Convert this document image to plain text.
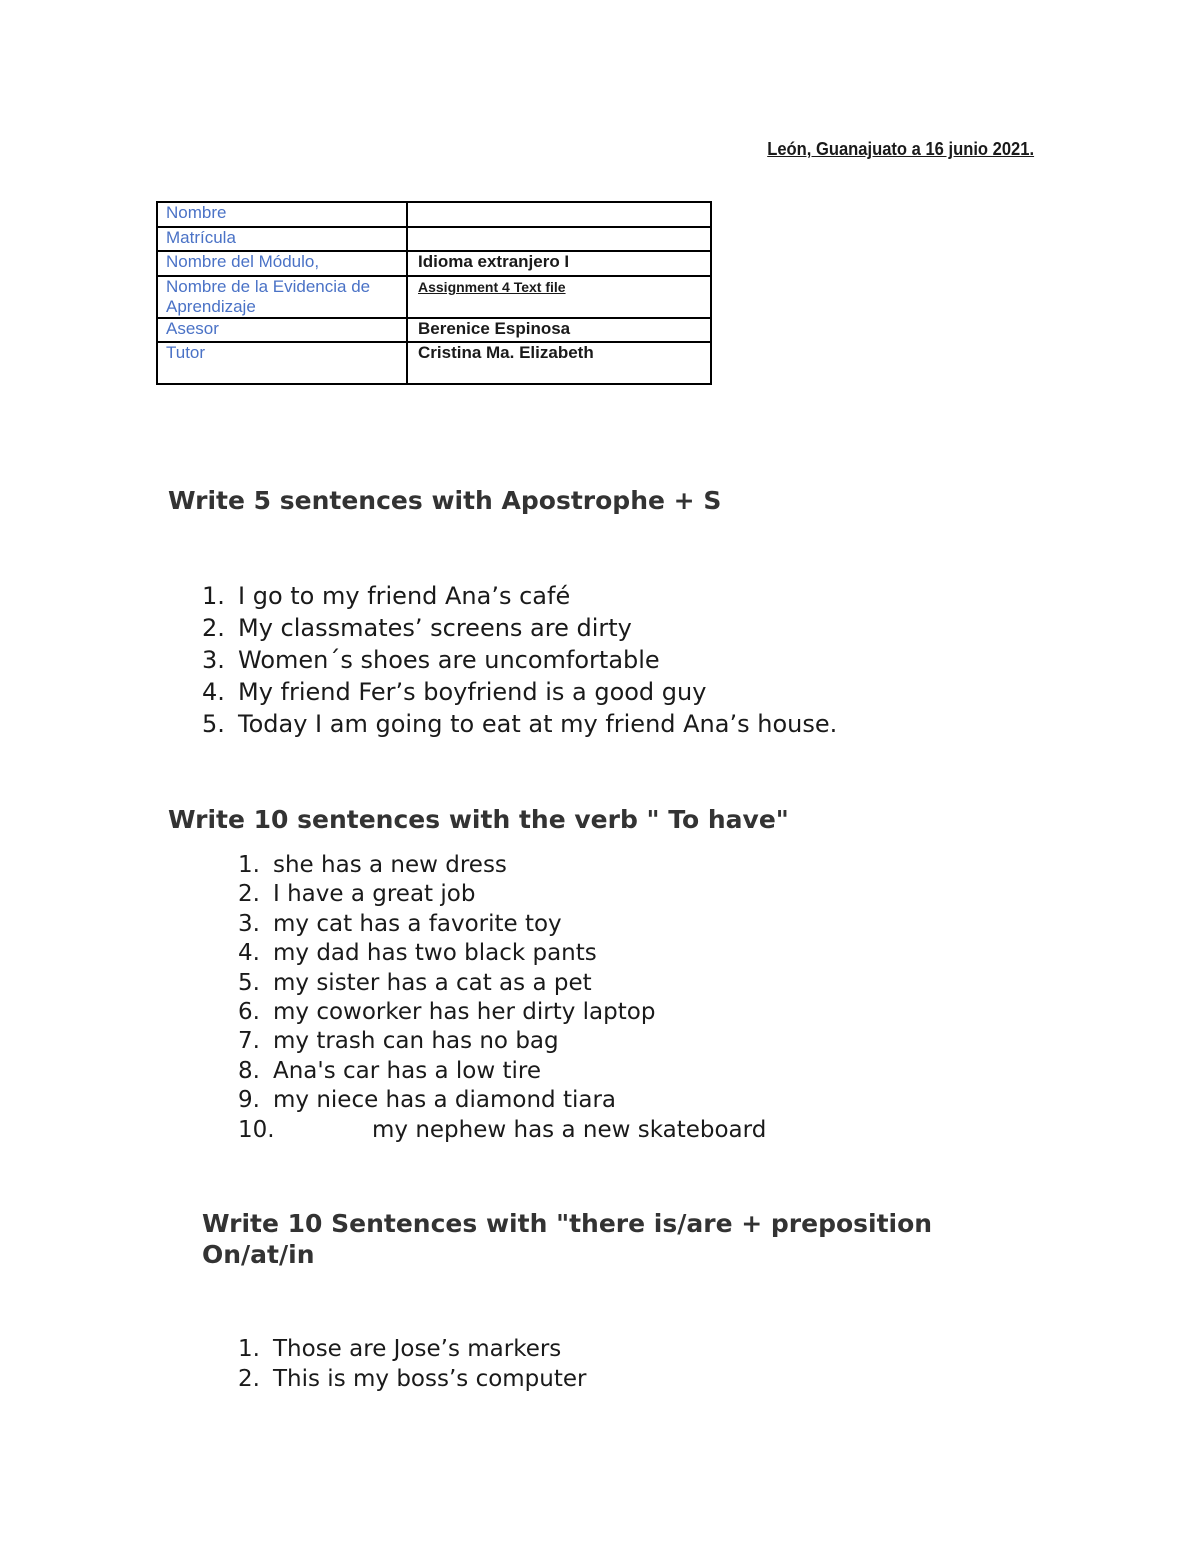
León, Guanajuato a 16 junio 2021.
Nombre	
Matrícula	
Nombre del Módulo,	Idioma extranjero I
Nombre de la Evidencia de Aprendizaje	Assignment 4 Text file
Asesor	Berenice Espinosa
Tutor	Cristina Ma. Elizabeth
Write 5 sentences with Apostrophe + S
1. I go to my friend Ana’s café
2. My classmates’ screens are dirty
3. Women´s shoes are uncomfortable
4. My friend Fer’s boyfriend is a good guy
5. Today I am going to eat at my friend Ana’s house.
Write 10 sentences with the verb " To have"
1. she has a new dress
2. I have a great job
3. my cat has a favorite toy
4. my dad has two black pants
5. my sister has a cat as a pet
6. my coworker has her dirty laptop
7. my trash can has no bag
8. Ana's car has a low tire
9. my niece has a diamond tiara
10.	my nephew has a new skateboard
Write 10 Sentences with "there is/are + preposition
On/at/in
1. Those are Jose’s markers
2. This is my boss’s computer
